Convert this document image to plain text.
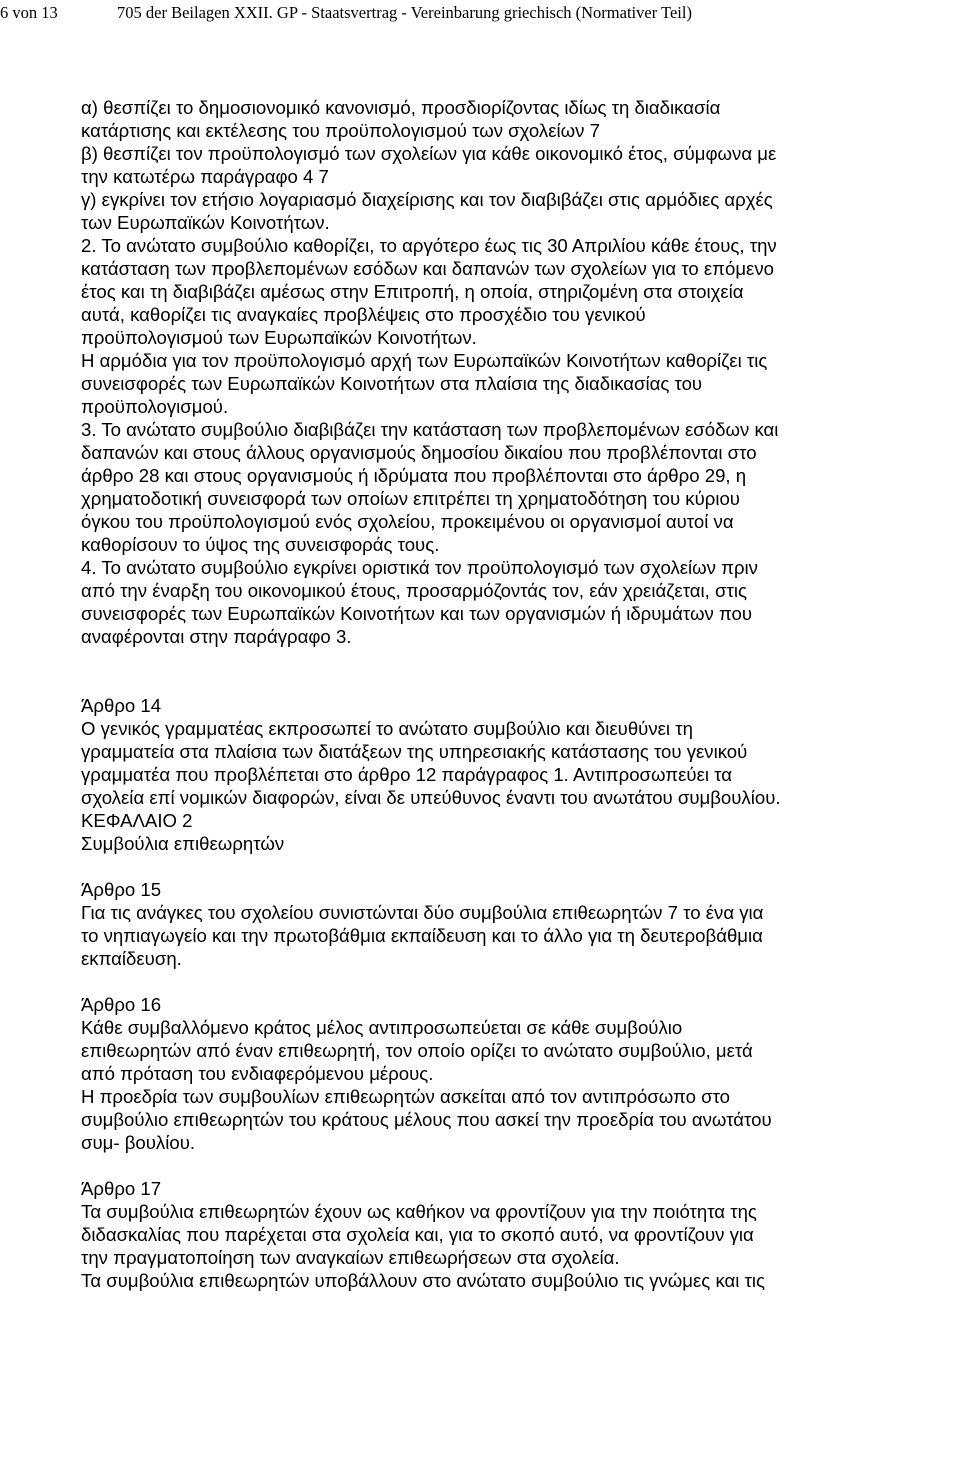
6 von 13	705 der Beilagen XXII. GP - Staatsvertrag - Vereinbarung griechisch (Normativer Teil)

α) θεσπίζει το δημοσιονομικό κανονισμό, προσδιορίζοντας ιδίως τη διαδικασία
κατάρτισης και εκτέλεσης του προϋπολογισμού των σχολείων 7

β) θεσπίζει τον προϋπολογισμό των σχολείων για κάθε οικονομικό έτος, σύμφωνα με
την κατωτέρω παράγραφο 4 7

γ) εγκρίνει τον ετήσιο λογαριασμό διαχείρισης και τον διαβιβάζει στις αρμόδιες αρχές
των Ευρωπαϊκών Κοινοτήτων.

2. Το ανώτατο συμβούλιο καθορίζει, το αργότερο έως τις 30 Απριλίου κάθε έτους, την
κατάσταση των προβλεπομένων εσόδων και δαπανών των σχολείων για το επόμενο
έτος και τη διαβιβάζει αμέσως στην Επιτροπή, η οποία, στηριζομένη στα στοιχεία
αυτά, καθορίζει τις αναγκαίες προβλέψεις στο προσχέδιο του γενικού
προϋπολογισμού των Ευρωπαϊκών Κοινοτήτων.

Η αρμόδια για τον προϋπολογισμό αρχή των Ευρωπαϊκών Κοινοτήτων καθορίζει τις
συνεισφορές των Ευρωπαϊκών Κοινοτήτων στα πλαίσια της διαδικασίας του
προϋπολογισμού.

3. Το ανώτατο συμβούλιο διαβιβάζει την κατάσταση των προβλεπομένων εσόδων και
δαπανών και στους άλλους οργανισμούς δημοσίου δικαίου που προβλέπονται στο
άρθρο 28 και στους οργανισμούς ή ιδρύματα που προβλέπονται στο άρθρο 29, η
χρηματοδοτική συνεισφορά των οποίων επιτρέπει τη χρηματοδότηση του κύριου
όγκου του προϋπολογισμού ενός σχολείου, προκειμένου οι οργανισμοί αυτοί να
καθορίσουν το ύψος της συνεισφοράς τους.

4. Το ανώτατο συμβούλιο εγκρίνει οριστικά τον προϋπολογισμό των σχολείων πριν
από την έναρξη του οικονομικού έτους, προσαρμόζοντάς τον, εάν χρειάζεται, στις
συνεισφορές των Ευρωπαϊκών Κοινοτήτων και των οργανισμών ή ιδρυμάτων που
αναφέρονται στην παράγραφο 3.

Άρθρο 14

Ο γενικός γραμματέας εκπροσωπεί το ανώτατο συμβούλιο και διευθύνει τη
γραμματεία στα πλαίσια των διατάξεων της υπηρεσιακής κατάστασης του γενικού
γραμματέα που προβλέπεται στο άρθρο 12 παράγραφος 1. Αντιπροσωπεύει τα
σχολεία επί νομικών διαφορών, είναι δε υπεύθυνος έναντι του ανωτάτου συμβουλίου.

ΚΕΦΑΛΑΙΟ 2

Συμβούλια επιθεωρητών

Άρθρο 15

Για τις ανάγκες του σχολείου συνιστώνται δύο συμβούλια επιθεωρητών 7 το ένα για
το νηπιαγωγείο και την πρωτοβάθμια εκπαίδευση και το άλλο για τη δευτεροβάθμια
εκπαίδευση.

Άρθρο 16

Κάθε συμβαλλόμενο κράτος μέλος αντιπροσωπεύεται σε κάθε συμβούλιο
επιθεωρητών από έναν επιθεωρητή, τον οποίο ορίζει το ανώτατο συμβούλιο, μετά
από πρόταση του ενδιαφερόμενου μέρους.

Η προεδρία των συμβουλίων επιθεωρητών ασκείται από τον αντιπρόσωπο στο
συμβούλιο επιθεωρητών του κράτους μέλους που ασκεί την προεδρία του ανωτάτου
συμ- βουλίου.

Άρθρο 17

Τα συμβούλια επιθεωρητών έχουν ως καθήκον να φροντίζουν για την ποιότητα της
διδασκαλίας που παρέχεται στα σχολεία και, για το σκοπό αυτό, να φροντίζουν για
την πραγματοποίηση των αναγκαίων επιθεωρήσεων στα σχολεία.

Τα συμβούλια επιθεωρητών υποβάλλουν στο ανώτατο συμβούλιο τις γνώμες και τις
